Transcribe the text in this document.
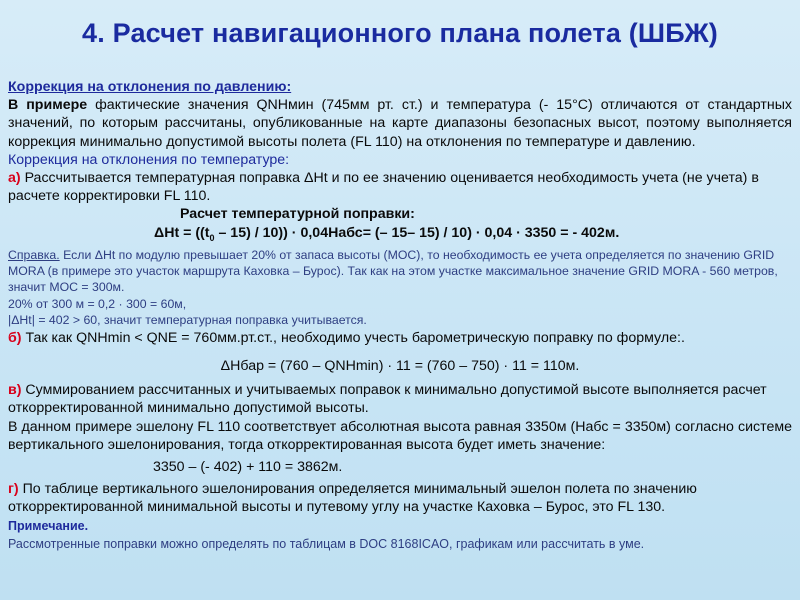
4. Расчет навигационного плана полета (ШБЖ)

Коррекция на отклонения по давлению:

В примере фактические значения QNHмин (745мм рт. ст.) и температура (- 15°С) отличаются от стандартных значений, по которым рассчитаны, опубликованные на карте диапазоны безопасных высот, поэтому выполняется коррекция минимально допустимой высоты полета (FL 110) на отклонения по температуре и давлению.

Коррекция на отклонения по температуре:

а) Рассчитывается температурная поправка ΔHt и по ее значению оценивается необходимость учета (не учета) в расчете корректировки FL 110.

Расчет температурной поправки:

$\Delta Ht = ((t_0 - 15) / 10)$) · 0,04Hабс= (– 15– 15) / 10) · 0,04 · 3350 = - 402м.

Справка. Если ΔHt по модулю превышает 20% от запаса высоты (МОС), то необходимость ее учета определяется по значению GRID MORA (в примере это участок маршрута Каховка – Бурос). Так как на этом участке максимальное значение GRID MORA - 560 метров, значит МОС = 300м.

20% от 300 м = 0,2 · 300 = 60м,

|ΔHt| = 402 > 60, значит температурная поправка учитывается.

б) Так как QNHmin < QNE = 760мм.рт.ст., необходимо учесть барометрическую поправку по формуле:.

ΔHбар = (760 – QNHmin) · 11 = (760 – 750) · 11 = 110м.

в) Суммированием рассчитанных и учитываемых поправок к минимально допустимой высоте выполняется расчет откорректированной минимально допустимой высоты.

В данном примере эшелону FL 110 соответствует абсолютная высота равная 3350м (Hабс = 3350м) согласно системе вертикального эшелонирования, тогда откорректированная высота будет иметь значение:

3350 – (- 402) + 110 = 3862м.

г) По таблице вертикального эшелонирования определяется минимальный эшелон полета по значению откорректированной минимальной высоты и путевому углу на участке Каховка – Бурос, это FL 130.

Примечание.

Рассмотренные поправки можно определять по таблицам в DOC 8168ICAO, графикам или рассчитать в уме.
